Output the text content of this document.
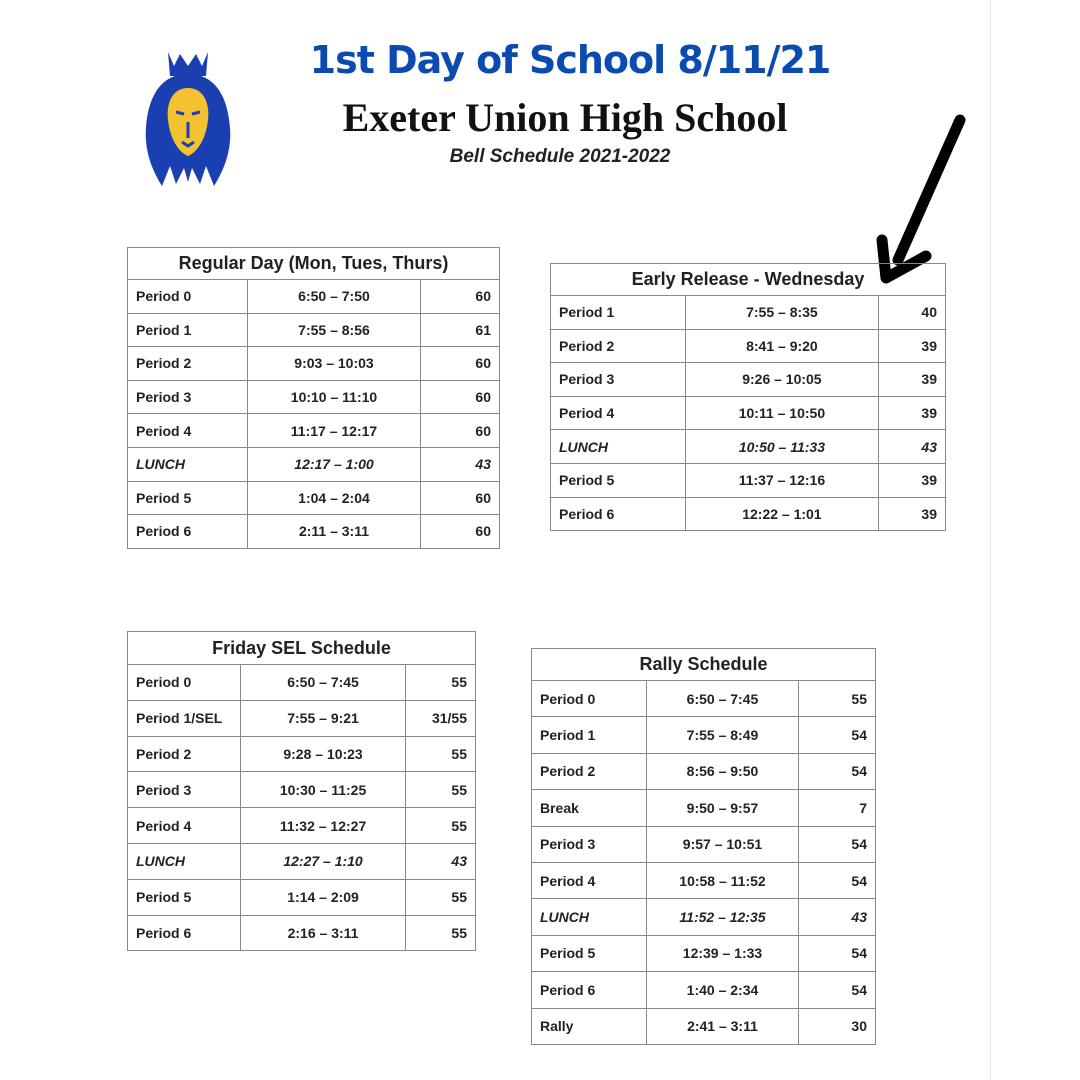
1st Day of School 8/11/21
Exeter Union High School
Bell Schedule 2021-2022
Regular Day (Mon, Tues, Thurs)		
Period 0	6:50 – 7:50	60
Period 1	7:55 – 8:56	61
Period 2	9:03 – 10:03	60
Period 3	10:10 – 11:10	60
Period 4	11:17 – 12:17	60
LUNCH	12:17 – 1:00	43
Period 5	1:04 – 2:04	60
Period 6	2:11 – 3:11	60
Early Release - Wednesday		
Period 1	7:55 – 8:35	40
Period 2	8:41 – 9:20	39
Period 3	9:26 – 10:05	39
Period 4	10:11 – 10:50	39
LUNCH	10:50 – 11:33	43
Period 5	11:37 – 12:16	39
Period 6	12:22 – 1:01	39
Friday SEL Schedule		
Period 0	6:50 – 7:45	55
Period 1/SEL	7:55 – 9:21	31/55
Period 2	9:28 – 10:23	55
Period 3	10:30 – 11:25	55
Period 4	11:32 – 12:27	55
LUNCH	12:27 – 1:10	43
Period 5	1:14 – 2:09	55
Period 6	2:16 – 3:11	55
Rally Schedule		
Period 0	6:50 – 7:45	55
Period 1	7:55 – 8:49	54
Period 2	8:56 – 9:50	54
Break	9:50 – 9:57	7
Period 3	9:57 – 10:51	54
Period 4	10:58 – 11:52	54
LUNCH	11:52 – 12:35	43
Period 5	12:39 – 1:33	54
Period 6	1:40 – 2:34	54
Rally	2:41 – 3:11	30
